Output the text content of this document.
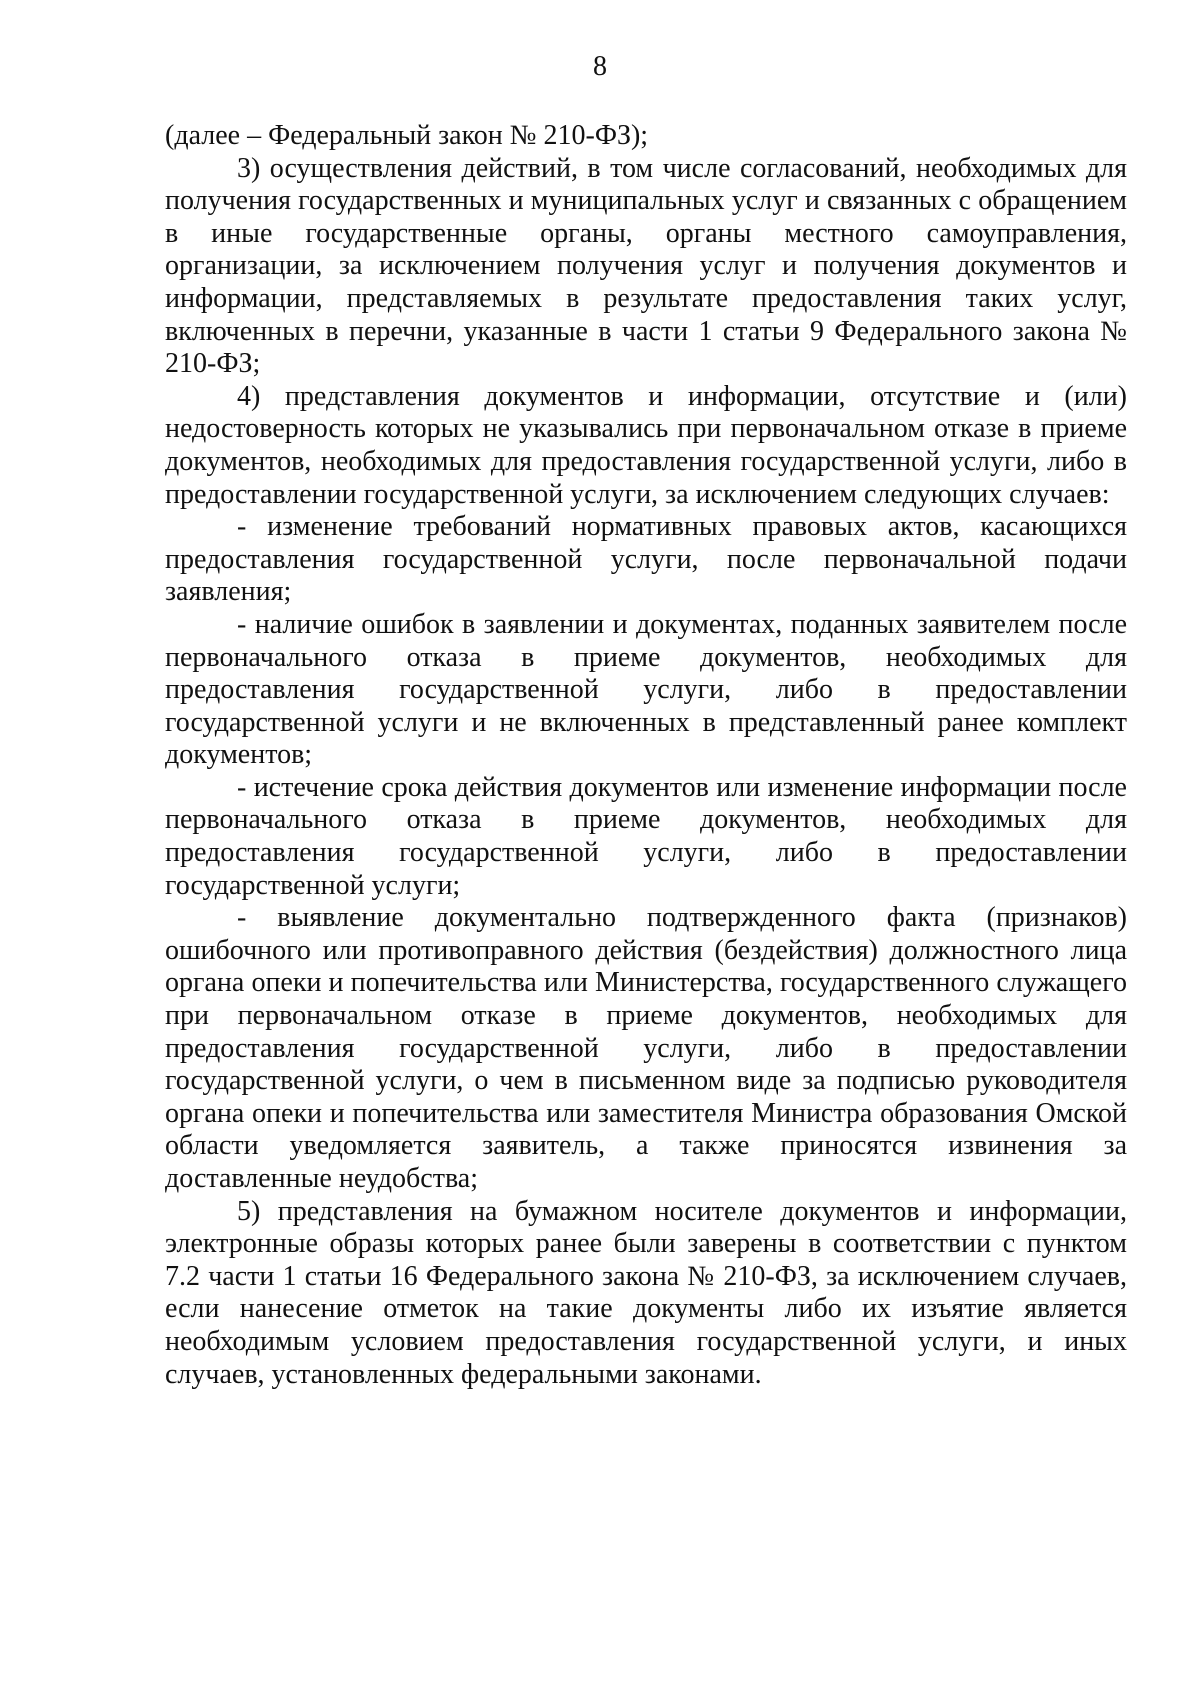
8

(далее – Федеральный закон № 210-ФЗ);

3) осуществления действий, в том числе согласований, необходимых для получения государственных и муниципальных услуг и связанных с обращением в иные государственные органы, органы местного самоуправления, организации, за исключением получения услуг и получения документов и информации, представляемых в результате предоставления таких услуг, включенных в перечни, указанные в части 1 статьи 9 Федерального закона № 210-ФЗ;

4) представления документов и информации, отсутствие и (или) недостоверность которых не указывались при первоначальном отказе в приеме документов, необходимых для предоставления государственной услуги, либо в предоставлении государственной услуги, за исключением следующих случаев:

- изменение требований нормативных правовых актов, касающихся предоставления государственной услуги, после первоначальной подачи заявления;

- наличие ошибок в заявлении и документах, поданных заявителем после первоначального отказа в приеме документов, необходимых для предоставления государственной услуги, либо в предоставлении государственной услуги и не включенных в представленный ранее комплект документов;

- истечение срока действия документов или изменение информации после первоначального отказа в приеме документов, необходимых для предоставления государственной услуги, либо в предоставлении государственной услуги;

- выявление документально подтвержденного факта (признаков) ошибочного или противоправного действия (бездействия) должностного лица органа опеки и попечительства или Министерства, государственного служащего при первоначальном отказе в приеме документов, необходимых для предоставления государственной услуги, либо в предоставлении государственной услуги, о чем в письменном виде за подписью руководителя органа опеки и попечительства или заместителя Министра образования Омской области уведомляется заявитель, а также приносятся извинения за доставленные неудобства;

5) представления на бумажном носителе документов и информации, электронные образы которых ранее были заверены в соответствии с пунктом 7.2 части 1 статьи 16 Федерального закона № 210-ФЗ, за исключением случаев, если нанесение отметок на такие документы либо их изъятие является необходимым условием предоставления государственной услуги, и иных случаев, установленных федеральными законами.
